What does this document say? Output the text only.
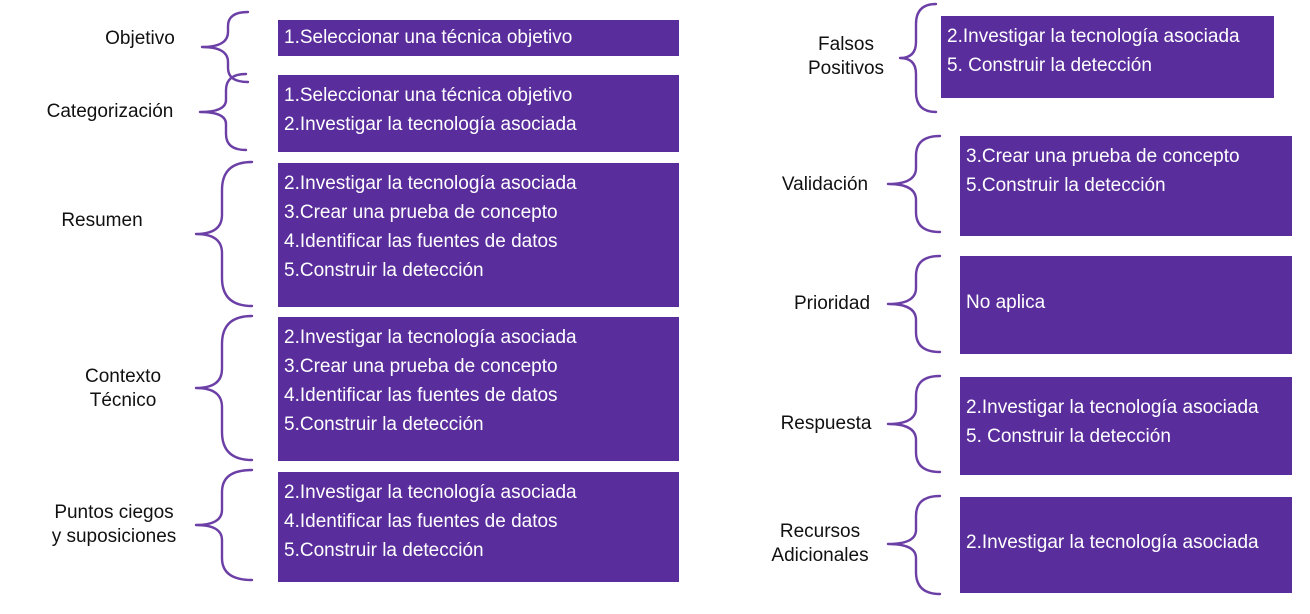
Objetivo	1.Seleccionar una técnica objetivo
Categorización
1.Seleccionar una técnica objetivo
2.Investigar la tecnología asociada
Resumen
2.Investigar la tecnología asociada
3.Crear una prueba de concepto
4.Identificar las fuentes de datos
5.Construir la detección
Contexto
Técnico
2.Investigar la tecnología asociada
3.Crear una prueba de concepto
4.Identificar las fuentes de datos
5.Construir la detección
Puntos ciegos
y suposiciones
2.Investigar la tecnología asociada
4.Identificar las fuentes de datos
5.Construir la detección
Falsos
Positivos
2.Investigar la tecnología asociada
5. Construir la detección
Validación
3.Crear una prueba de concepto
5.Construir la detección
Prioridad	No aplica
Respuesta
2.Investigar la tecnología asociada
5. Construir la detección
Recursos
Adicionales
2.Investigar la tecnología asociada
